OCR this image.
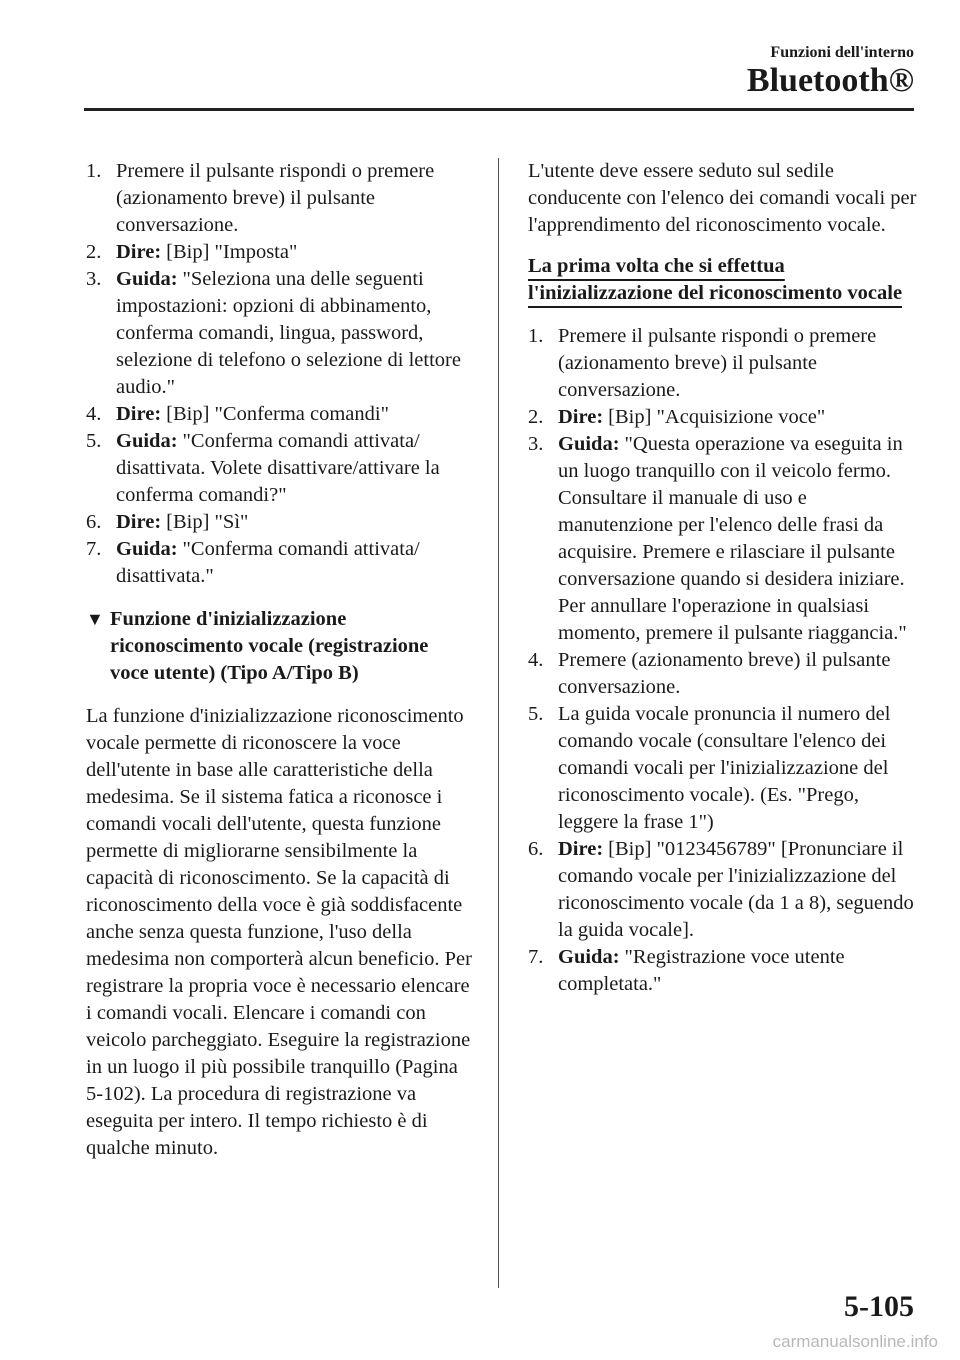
Funzioni dell'interno
Bluetooth®
1. Premere il pulsante rispondi o premere (azionamento breve) il pulsante conversazione.
2. Dire: [Bip] "Imposta"
3. Guida: "Seleziona una delle seguenti impostazioni: opzioni di abbinamento, conferma comandi, lingua, password, selezione di telefono o selezione di lettore audio."
4. Dire: [Bip] "Conferma comandi"
5. Guida: "Conferma comandi attivata/ disattivata. Volete disattivare/attivare la conferma comandi?"
6. Dire: [Bip] "Sì"
7. Guida: "Conferma comandi attivata/ disattivata."
▼ Funzione d'inizializzazione riconoscimento vocale (registrazione voce utente) (Tipo A/Tipo B)

La funzione d'inizializzazione riconoscimento vocale permette di riconoscere la voce dell'utente in base alle caratteristiche della medesima. Se il sistema fatica a riconosce i comandi vocali dell'utente, questa funzione permette di migliorarne sensibilmente la capacità di riconoscimento. Se la capacità di riconoscimento della voce è già soddisfacente anche senza questa funzione, l'uso della medesima non comporterà alcun beneficio. Per registrare la propria voce è necessario elencare i comandi vocali. Elencare i comandi con veicolo parcheggiato. Eseguire la registrazione in un luogo il più possibile tranquillo (Pagina 5-102). La procedura di registrazione va eseguita per intero. Il tempo richiesto è di qualche minuto.

L'utente deve essere seduto sul sedile conducente con l'elenco dei comandi vocali per l'apprendimento del riconoscimento vocale.

La prima volta che si effettua l'inizializzazione del riconoscimento vocale
1. Premere il pulsante rispondi o premere (azionamento breve) il pulsante conversazione.
2. Dire: [Bip] "Acquisizione voce"
3. Guida: "Questa operazione va eseguita in un luogo tranquillo con il veicolo fermo. Consultare il manuale di uso e manutenzione per l'elenco delle frasi da acquisire. Premere e rilasciare il pulsante conversazione quando si desidera iniziare. Per annullare l'operazione in qualsiasi momento, premere il pulsante riaggancia."
4. Premere (azionamento breve) il pulsante conversazione.
5. La guida vocale pronuncia il numero del comando vocale (consultare l'elenco dei comandi vocali per l'inizializzazione del riconoscimento vocale). (Es. "Prego, leggere la frase 1")
6. Dire: [Bip] "0123456789" [Pronunciare il comando vocale per l'inizializzazione del riconoscimento vocale (da 1 a 8), seguendo la guida vocale].
7. Guida: "Registrazione voce utente completata."
5-105
carmanualsonline.info
